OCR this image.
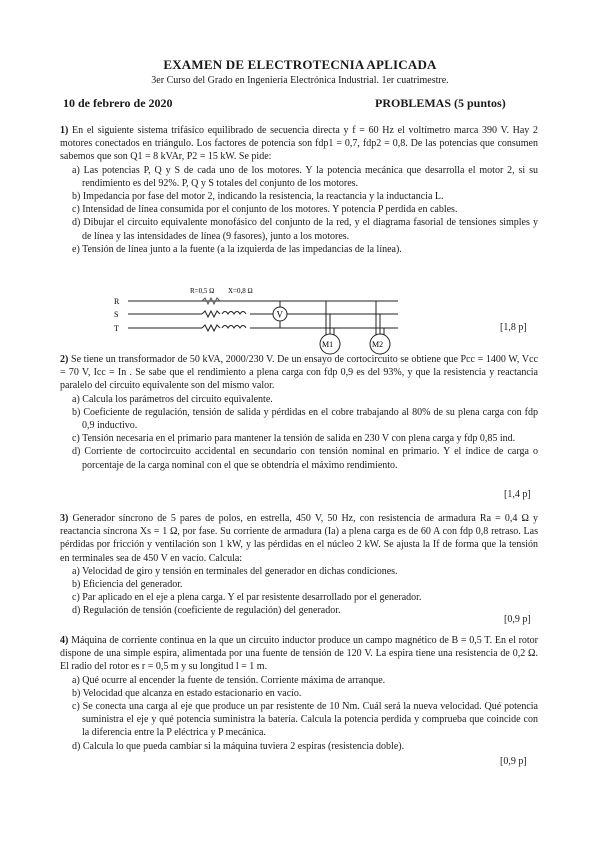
EXAMEN DE ELECTROTECNIA APLICADA
3er Curso del Grado en Ingeniería Electrónica Industrial. 1er cuatrimestre.
10 de febrero de 2020	PROBLEMAS (5 puntos)

1) En el siguiente sistema trifásico equilibrado de secuencia directa y f = 60 Hz el voltímetro marca 390 V. Hay 2 motores conectados en triángulo. Los factores de potencia son fdp1 = 0,7, fdp2 = 0,8. De las potencias que consumen sabemos que son Q1 = 8 kVAr, P2 = 15 kW. Se pide:

a) Las potencias P, Q y S de cada uno de los motores. Y la potencia mecánica que desarrolla el motor 2, si su rendimiento es del 92%. P, Q y S totales del conjunto de los motores.

b) Impedancia por fase del motor 2, indicando la resistencia, la reactancia y la inductancia L.

c) Intensidad de línea consumida por el conjunto de los motores. Y potencia P perdida en cables.

d) Dibujar el circuito equivalente monofásico del conjunto de la red, y el diagrama fasorial de tensiones simples y de línea y las intensidades de línea (9 fasores), junto a los motores.

e) Tensión de línea junto a la fuente (a la izquierda de las impedancias de la línea).

V
M1	M2
R
S
T
R=0,5 Ω X=0,8 Ω
[1,8 p]

2) Se tiene un transformador de 50 kVA, 2000/230 V. De un ensayo de cortocircuito se obtiene que Pcc = 1400 W, Vcc = 70 V, Icc = In . Se sabe que el rendimiento a plena carga con fdp 0,9 es del 93%, y que la resistencia y reactancia paralelo del circuito equivalente son del mismo valor.

a) Calcula los parámetros del circuito equivalente.

b) Coeficiente de regulación, tensión de salida y pérdidas en el cobre trabajando al 80% de su plena carga con fdp 0,9 inductivo.

c) Tensión necesaria en el primario para mantener la tensión de salida en 230 V con plena carga y fdp 0,85 ind.

d) Corriente de cortocircuito accidental en secundario con tensión nominal en primario. Y el índice de carga o porcentaje de la carga nominal con el que se obtendría el máximo rendimiento.

[1,4 p]

3) Generador síncrono de 5 pares de polos, en estrella, 450 V, 50 Hz, con resistencia de armadura Ra = 0,4 Ω y reactancia síncrona Xs = 1 Ω, por fase. Su corriente de armadura (Ia) a plena carga es de 60 A con fdp 0,8 retraso. Las pérdidas por fricción y ventilación son 1 kW, y las pérdidas en el núcleo 2 kW. Se ajusta la If de forma que la tensión en terminales sea de 450 V en vacío. Calcula:

a) Velocidad de giro y tensión en terminales del generador en dichas condiciones.

b) Eficiencia del generador.

c) Par aplicado en el eje a plena carga. Y el par resistente desarrollado por el generador.

d) Regulación de tensión (coeficiente de regulación) del generador.

[0,9 p]

4) Máquina de corriente continua en la que un circuito inductor produce un campo magnético de B = 0,5 T. En el rotor dispone de una simple espira, alimentada por una fuente de tensión de 120 V. La espira tiene una resistencia de 0,2 Ω. El radio del rotor es r = 0,5 m y su longitud l = 1 m.

a) Qué ocurre al encender la fuente de tensión. Corriente máxima de arranque.

b) Velocidad que alcanza en estado estacionario en vacío.

c) Se conecta una carga al eje que produce un par resistente de 10 Nm. Cuál será la nueva velocidad. Qué potencia suministra el eje y qué potencia suministra la batería. Calcula la potencia perdida y comprueba que coincide con la diferencia entre la P eléctrica y P mecánica.

d) Calcula lo que pueda cambiar si la máquina tuviera 2 espiras (resistencia doble).

[0,9 p]
